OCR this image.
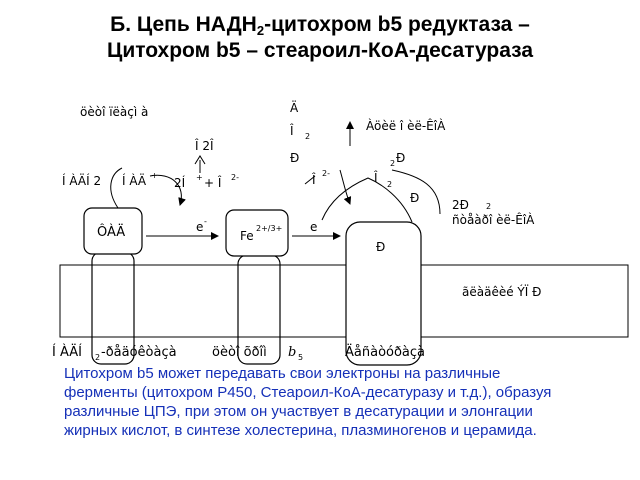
Б. Цепь $НАДН_2$-цитохром b5 редуктаза –
Цитохром b5 – стеароил-КоА-десатураза
öèòî ïëàçì à
Î 2Î
Í ÀÄÍ 2 Í ÀÄ +
2Í + + Î 2-
ÔÀÄ	e -
Fe
2+/3+ e
Ð
Ä
Î 2
Àöèë î èë-ÊîÀ
Ð
Î 2-	Î 2
2 Ð
Ð	2Ð 2
ñòåàðî èë-ÊîÀ
ãëàäêèé ÝÏ Ð
Í ÀÄÍ 2 -ðåäóêòàçà	öèòî õðîì b 5	Äåñàòóðàçà
Цитохром b5 может передавать свои электроны на различные
ферменты (цитохром Р450, Стеароил-КоА-десатуразу и т.д.), образуя
различные ЦПЭ, при этом он участвует в десатурации и элонгации
жирных кислот, в синтезе холестерина, плазминогенов и церамида.
